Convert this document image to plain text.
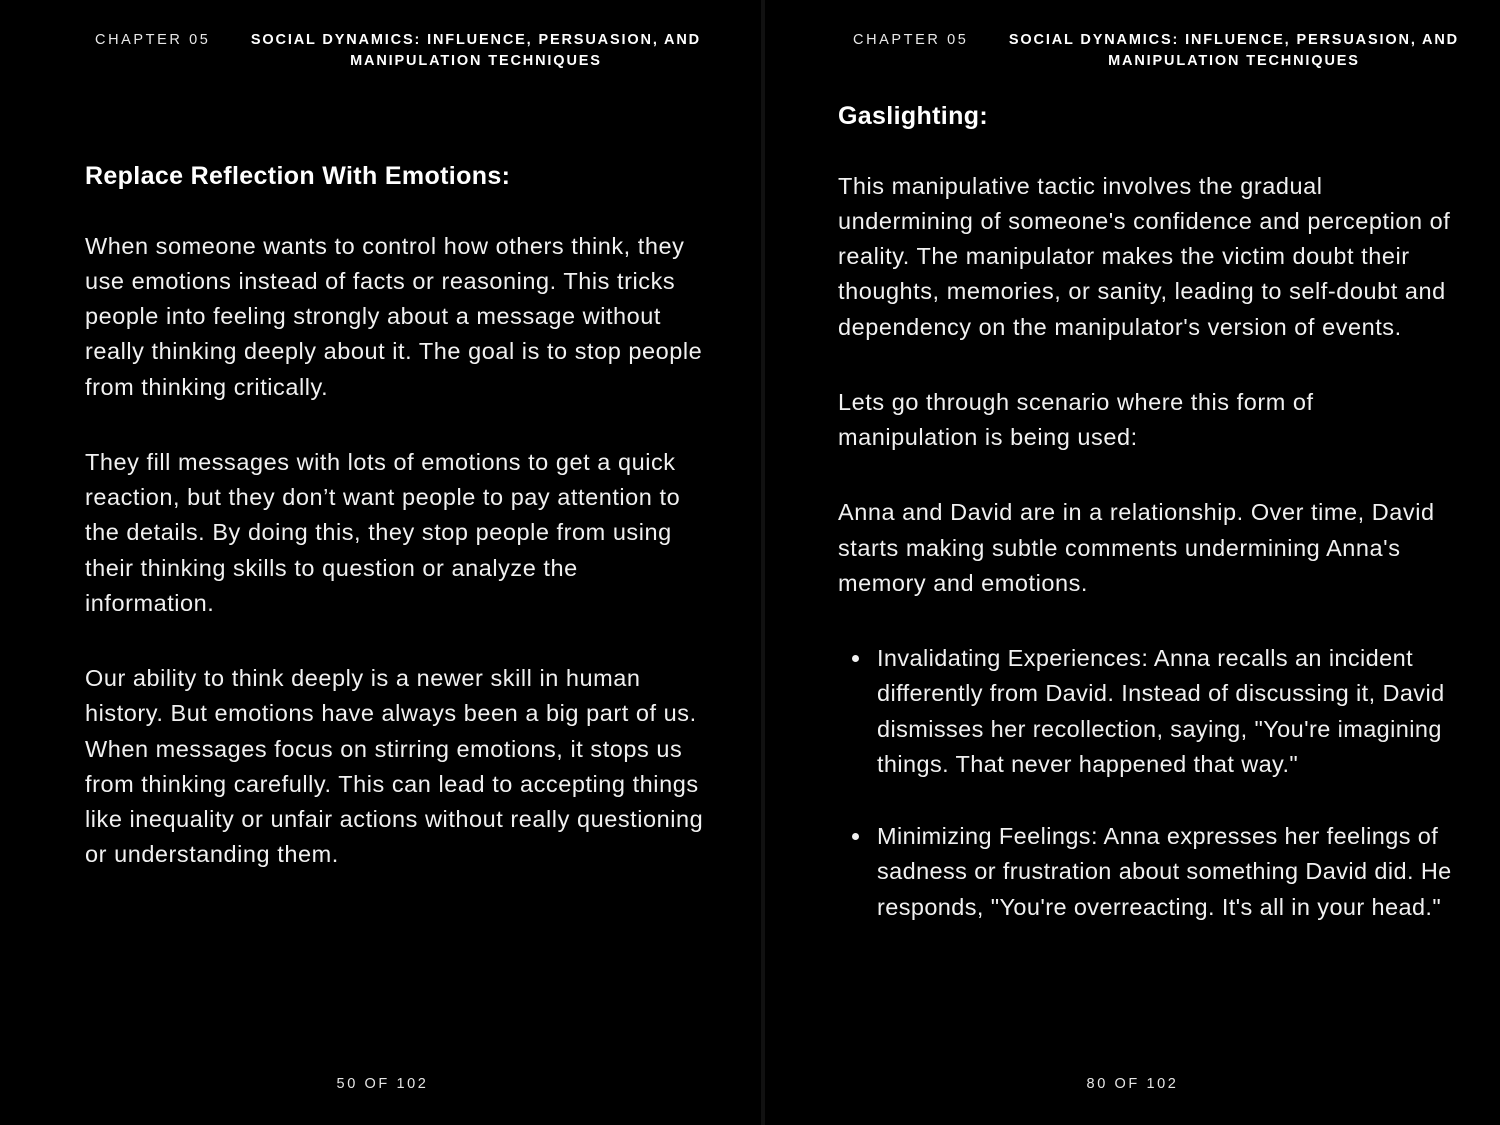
CHAPTER 05	SOCIAL DYNAMICS: INFLUENCE, PERSUASION, AND MANIPULATION TECHNIQUES
Replace Reflection With Emotions:

When someone wants to control how others think, they use emotions instead of facts or reasoning. This tricks people into feeling strongly about a message without really thinking deeply about it. The goal is to stop people from thinking critically.

They fill messages with lots of emotions to get a quick reaction, but they don’t want people to pay attention to the details. By doing this, they stop people from using their thinking skills to question or analyze the information.

Our ability to think deeply is a newer skill in human history. But emotions have always been a big part of us. When messages focus on stirring emotions, it stops us from thinking carefully. This can lead to accepting things like inequality or unfair actions without really questioning or understanding them.

50 OF 102
CHAPTER 05	SOCIAL DYNAMICS: INFLUENCE, PERSUASION, AND MANIPULATION TECHNIQUES
Gaslighting:

This manipulative tactic involves the gradual undermining of someone's confidence and perception of reality. The manipulator makes the victim doubt their thoughts, memories, or sanity, leading to self-doubt and dependency on the manipulator's version of events.

Lets go through scenario where this form of manipulation is being used:

Anna and David are in a relationship. Over time, David starts making subtle comments undermining Anna's memory and emotions.

Invalidating Experiences: Anna recalls an incident differently from David. Instead of discussing it, David dismisses her recollection, saying, "You're imagining things. That never happened that way."
Minimizing Feelings: Anna expresses her feelings of sadness or frustration about something David did. He responds, "You're overreacting. It's all in your head."
80 OF 102
